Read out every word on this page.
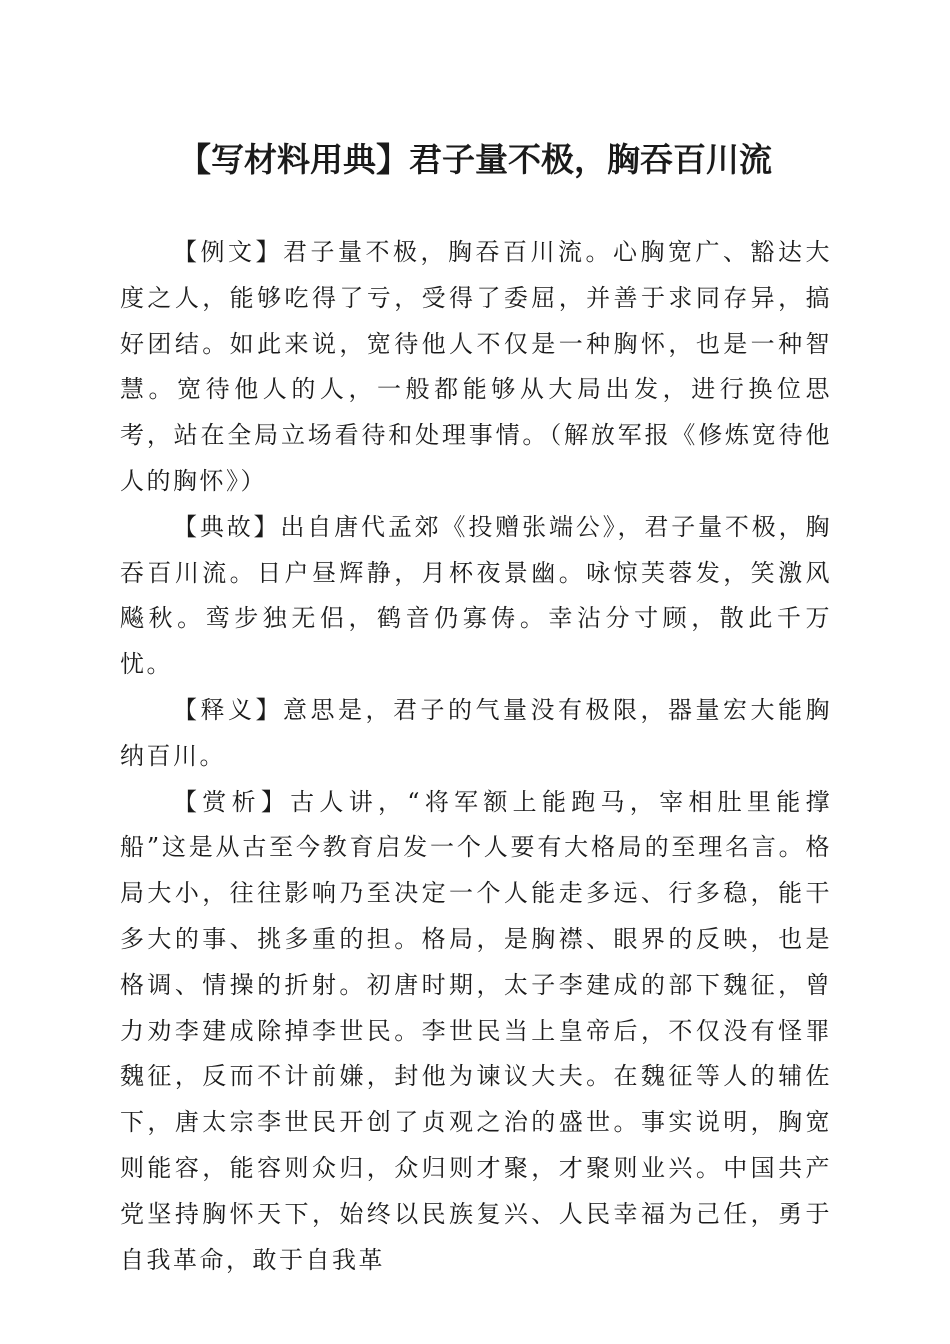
【写材料用典】君子量不极，胸吞百川流

【例文】君子量不极，胸吞百川流。心胸宽广、豁达大度之人，能够吃得了亏，受得了委屈，并善于求同存异，搞好团结。如此来说，宽待他人不仅是一种胸怀，也是一种智慧。宽待他人的人，一般都能够从大局出发，进行换位思考，站在全局立场看待和处理事情。（解放军报《修炼宽待他人的胸怀》）

【典故】出自唐代孟郊《投赠张端公》，君子量不极，胸吞百川流。日户昼辉静，月杯夜景幽。咏惊芙蓉发，笑激风飚秋。鸾步独无侣，鹤音仍寡俦。幸沾分寸顾，散此千万忧。

【释义】意思是，君子的气量没有极限，器量宏大能胸纳百川。

【赏析】古人讲，“将军额上能跑马，宰相肚里能撑船”这是从古至今教育启发一个人要有大格局的至理名言。格局大小，往往影响乃至决定一个人能走多远、行多稳，能干多大的事、挑多重的担。格局，是胸襟、眼界的反映，也是格调、情操的折射。初唐时期，太子李建成的部下魏征，曾力劝李建成除掉李世民。李世民当上皇帝后，不仅没有怪罪魏征，反而不计前嫌，封他为谏议大夫。在魏征等人的辅佐下，唐太宗李世民开创了贞观之治的盛世。事实说明，胸宽则能容，能容则众归，众归则才聚，才聚则业兴。中国共产党坚持胸怀天下，始终以民族复兴、人民幸福为己任，勇于自我革命，敢于自我革
